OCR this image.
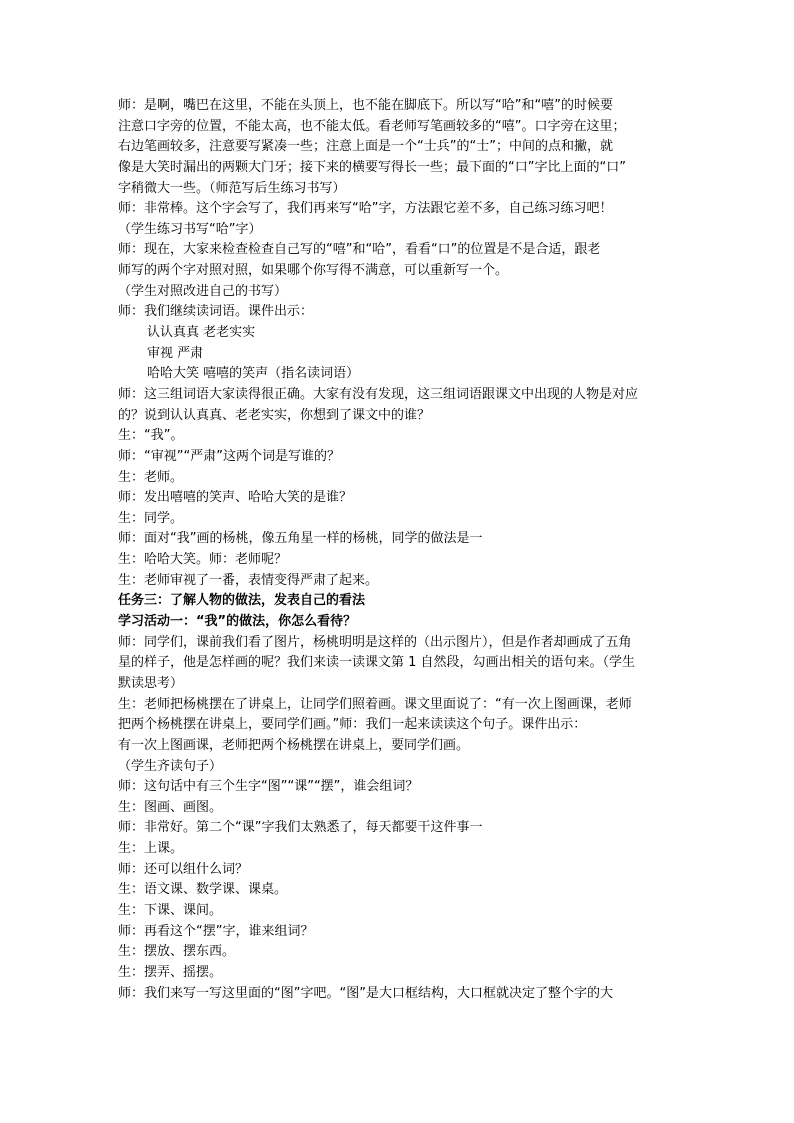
师：是啊，嘴巴在这里，不能在头顶上，也不能在脚底下。所以写“哈”和“嘻”的时候要
注意口字旁的位置，不能太高，也不能太低。看老师写笔画较多的“嘻”。口字旁在这里；
右边笔画较多，注意要写紧凑一些；注意上面是一个“士兵”的“士”；中间的点和撇，就
像是大笑时漏出的两颗大门牙；接下来的横要写得长一些；最下面的“口”字比上面的“口”
字稍微大一些。（师范写后生练习书写）
师：非常棒。这个字会写了，我们再来写“哈”字，方法跟它差不多，自己练习练习吧！
（学生练习书写“哈”字）
师：现在，大家来检查检查自己写的“嘻”和“哈”，看看“口”的位置是不是合适，跟老
师写的两个字对照对照，如果哪个你写得不满意，可以重新写一个。
（学生对照改进自己的书写）
师：我们继续读词语。课件出示：
认认真真 老老实实
审视 严肃
哈哈大笑 嘻嘻的笑声（指名读词语）
师：这三组词语大家读得很正确。大家有没有发现，这三组词语跟课文中出现的人物是对应
的？说到认认真真、老老实实，你想到了课文中的谁？
生：“我”。
师：“审视”“严肃”这两个词是写谁的？
生：老师。
师：发出嘻嘻的笑声、哈哈大笑的是谁？
生：同学。
师：面对“我”画的杨桃，像五角星一样的杨桃，同学的做法是一
生：哈哈大笑。师：老师呢？
生：老师审视了一番，表情变得严肃了起来。
任务三：了解人物的做法，发表自己的看法
学习活动一：“我”的做法，你怎么看待？
师：同学们，课前我们看了图片，杨桃明明是这样的（出示图片），但是作者却画成了五角
星的样子，他是怎样画的呢？我们来读一读课文第 1 自然段，勾画出相关的语句来。（学生
默读思考）
生：老师把杨桃摆在了讲桌上，让同学们照着画。课文里面说了：“有一次上图画课，老师
把两个杨桃摆在讲桌上，要同学们画。”师：我们一起来读读这个句子。课件出示：
有一次上图画课，老师把两个杨桃摆在讲桌上，要同学们画。
（学生齐读句子）
师：这句话中有三个生字“图”“课”“摆”，谁会组词？
生：图画、画图。
师：非常好。第二个“课”字我们太熟悉了，每天都要干这件事一
生：上课。
师：还可以组什么词？
生：语文课、数学课、课桌。
生：下课、课间。
师：再看这个“摆”字，谁来组词？
生：摆放、摆东西。
生：摆弄、摇摆。
师：我们来写一写这里面的“图”字吧。“图”是大口框结构，大口框就决定了整个字的大
